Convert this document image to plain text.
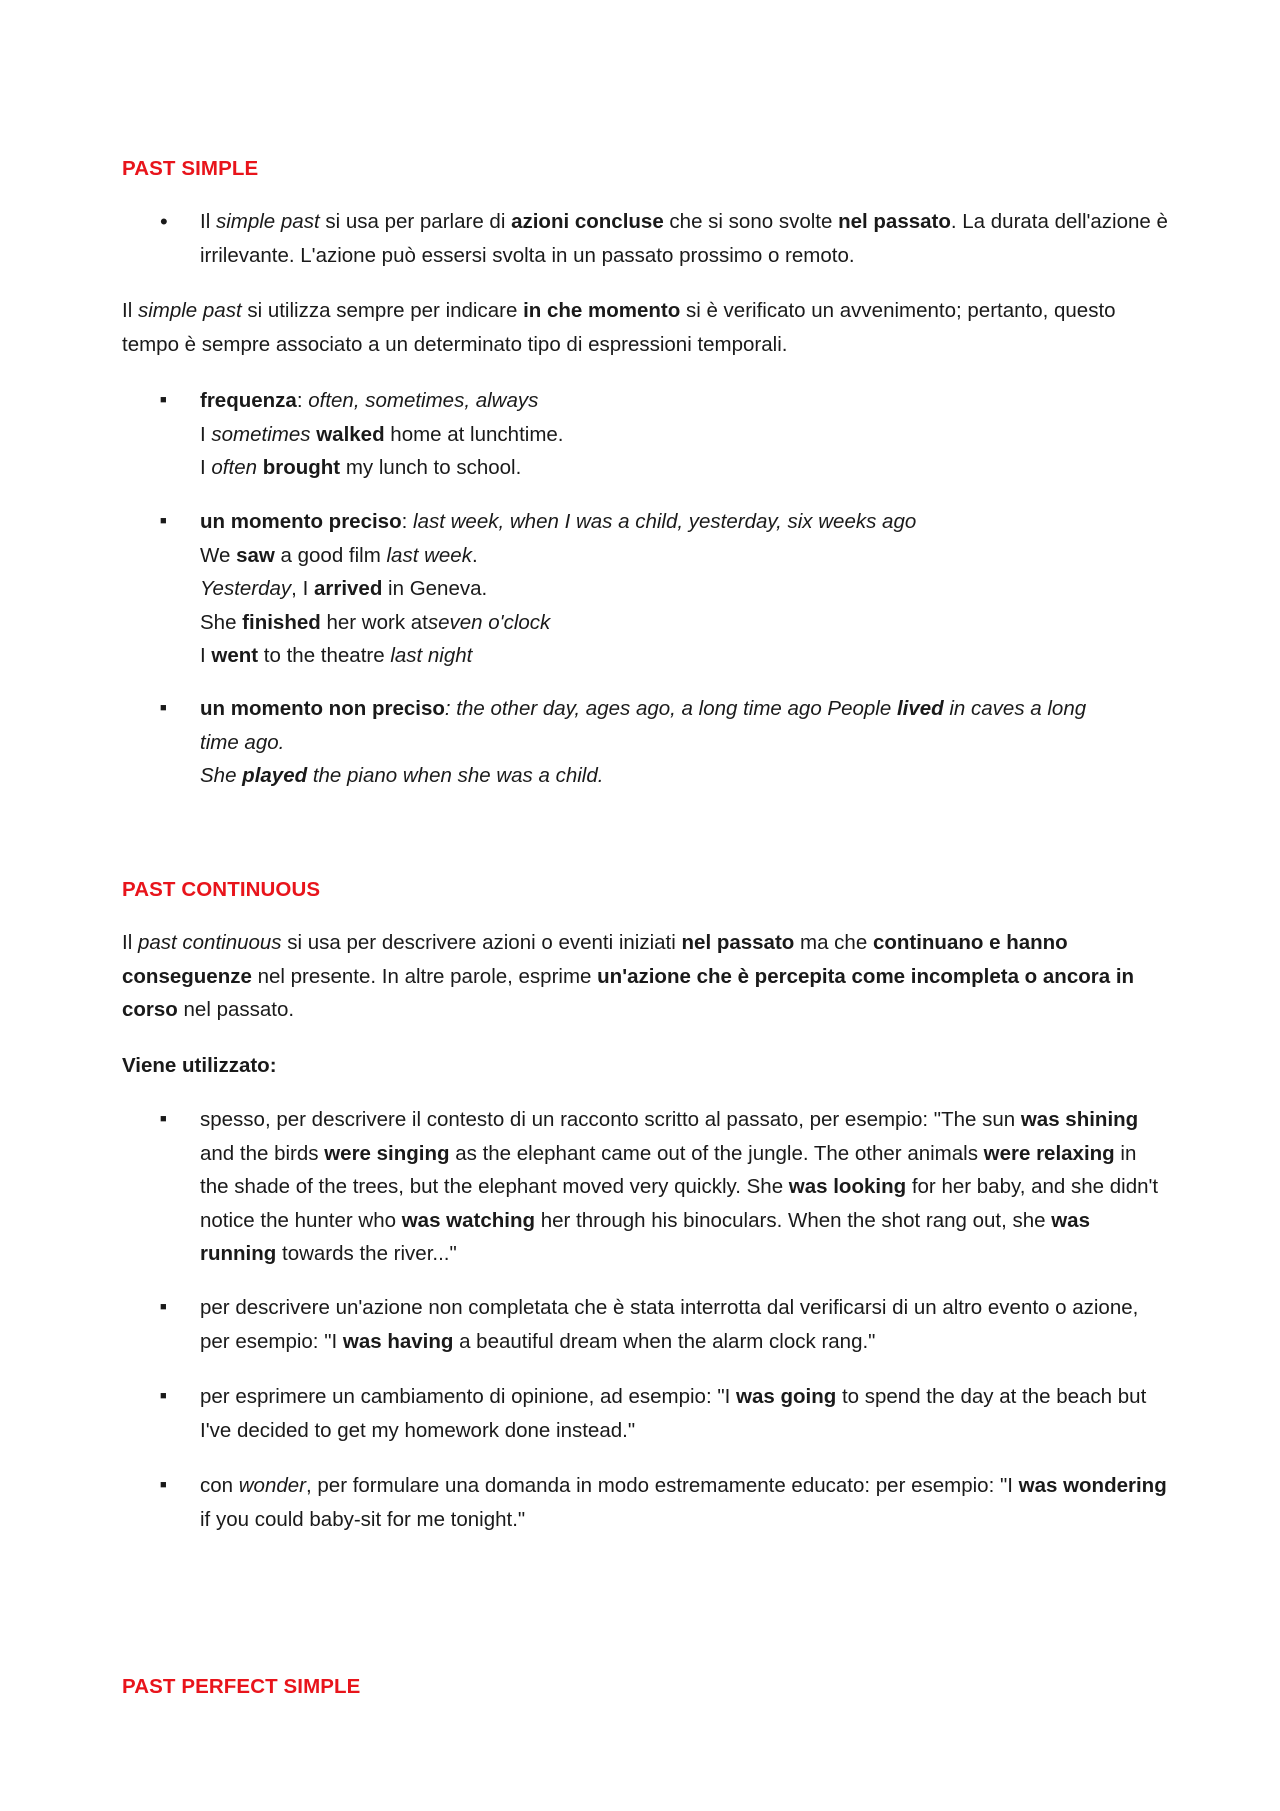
PAST SIMPLE
•	Il simple past si usa per parlare di azioni concluse che si sono svolte nel passato. La durata dell'azione è irrilevante. L'azione può essersi svolta in un passato prossimo o remoto.
Il simple past si utilizza sempre per indicare in che momento si è verificato un avvenimento; pertanto, questo tempo è sempre associato a un determinato tipo di espressioni temporali.
■	frequenza: often, sometimes, always
I sometimes walked home at lunchtime.
I often brought my lunch to school.
■	un momento preciso: last week, when I was a child, yesterday, six weeks ago
We saw a good film last week.
Yesterday, I arrived in Geneva.
She finished her work atseven o'clock
I went to the theatre last night
■	un momento non preciso: the other day, ages ago, a long time ago People lived in caves a long time ago.
She played the piano when she was a child.
PAST CONTINUOUS
Il past continuous si usa per descrivere azioni o eventi iniziati nel passato ma che continuano e hanno conseguenze nel presente. In altre parole, esprime un'azione che è percepita come incompleta o ancora in corso nel passato.
Viene utilizzato:
■	spesso, per descrivere il contesto di un racconto scritto al passato, per esempio: "The sun was shining and the birds were singing as the elephant came out of the jungle. The other animals were relaxing in the shade of the trees, but the elephant moved very quickly. She was looking for her baby, and she didn't notice the hunter who was watching her through his binoculars. When the shot rang out, she was running towards the river..."
■	per descrivere un'azione non completata che è stata interrotta dal verificarsi di un altro evento o azione, per esempio: "I was having a beautiful dream when the alarm clock rang."
■	per esprimere un cambiamento di opinione, ad esempio: "I was going to spend the day at the beach but I've decided to get my homework done instead."
■	con wonder, per formulare una domanda in modo estremamente educato: per esempio: "I was wondering if you could baby-sit for me tonight."
PAST PERFECT SIMPLE
